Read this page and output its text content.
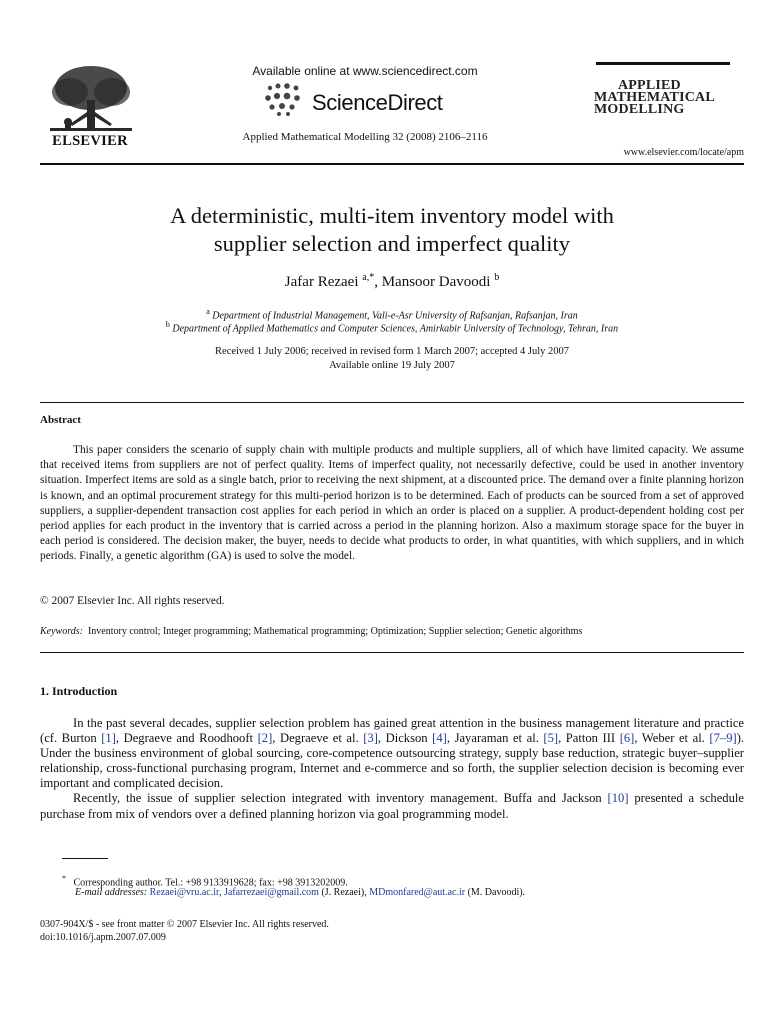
ELSEVIER
Available online at www.sciencedirect.com
ScienceDirect
Applied Mathematical Modelling 32 (2008) 2106–2116
APPLIED
MATHEMATICAL
MODELLING
www.elsevier.com/locate/apm
A deterministic, multi-item inventory model with
supplier selection and imperfect quality
Jafar Rezaei $^{a,*}$, Mansoor Davoodi $^b$
$^a$ Department of Industrial Management, Vali-e-Asr University of Rafsanjan, Rafsanjan, Iran
$^b$ Department of Applied Mathematics and Computer Sciences, Amirkabir University of Technology, Tehran, Iran
Received 1 July 2006; received in revised form 1 March 2007; accepted 4 July 2007
Available online 19 July 2007
Abstract

This paper considers the scenario of supply chain with multiple products and multiple suppliers, all of which have limited capacity. We assume that received items from suppliers are not of perfect quality. Items of imperfect quality, not necessarily defective, could be used in another inventory situation. Imperfect items are sold as a single batch, prior to receiving the next shipment, at a discounted price. The demand over a finite planning horizon is known, and an optimal procurement strategy for this multi-period horizon is to be determined. Each of products can be sourced from a set of approved suppliers, a supplier-dependent transaction cost applies for each period in which an order is placed on a supplier. A product-dependent holding cost per period applies for each product in the inventory that is carried across a period in the planning horizon. Also a maximum storage space for the buyer in each period is considered. The decision maker, the buyer, needs to decide what products to order, in what quantities, with which suppliers, and in which periods. Finally, a genetic algorithm (GA) is used to solve the model.

© 2007 Elsevier Inc. All rights reserved.
Keywords: Inventory control; Integer programming; Mathematical programming; Optimization; Supplier selection; Genetic algorithms
1. Introduction

In the past several decades, supplier selection problem has gained great attention in the business management literature and practice (cf. Burton [1], Degraeve and Roodhooft [2], Degraeve et al. [3], Dickson [4], Jayaraman et al. [5], Patton III [6], Weber et al. [7–9]). Under the business environment of global sourcing, core-competence outsourcing strategy, supply base reduction, strategic buyer–supplier relationship, cross-functional purchasing program, Internet and e-commerce and so forth, the supplier selection decision is becoming ever important and complicated decision.

Recently, the issue of supplier selection integrated with inventory management. Buffa and Jackson [10] presented a schedule purchase from mix of vendors over a defined planning horizon via goal programming model.

* Corresponding author. Tel.: +98 9133919628; fax: +98 3913202009.
E-mail addresses: Rezaei@vru.ac.ir, Jafarrezaei@gmail.com (J. Rezaei), MDmonfared@aut.ac.ir (M. Davoodi).
0307-904X/$ - see front matter © 2007 Elsevier Inc. All rights reserved.
doi:10.1016/j.apm.2007.07.009
